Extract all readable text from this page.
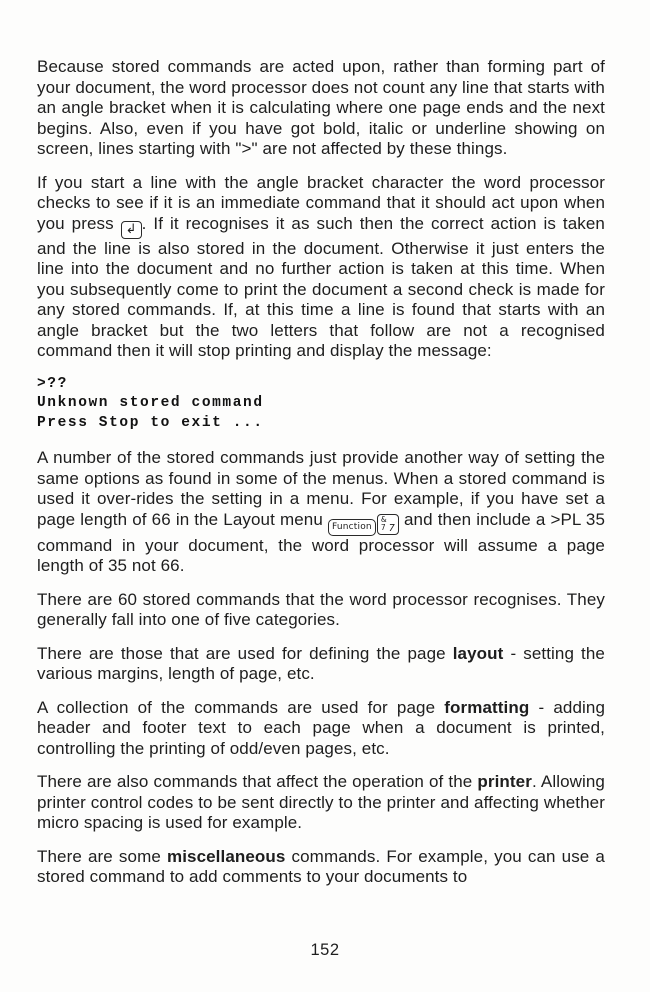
Because stored commands are acted upon, rather than forming part of your document, the word processor does not count any line that starts with an angle bracket when it is calculating where one page ends and the next begins. Also, even if you have got bold, italic or underline showing on screen, lines starting with ">" are not affected by these things.

If you start a line with the angle bracket character the word processor checks to see if it is an immediate command that it should act upon when you press ↲ . If it recognises it as such then the correct action is taken and the line is also stored in the document. Otherwise it just enters the line into the document and no further action is taken at this time. When you subsequently come to print the document a second check is made for any stored commands. If, at this time a line is found that starts with an angle bracket but the two letters that follow are not a recognised command then it will stop printing and display the message:

>??
Unknown stored command
Press Stop to exit ...

A number of the stored commands just provide another way of setting the same options as found in some of the menus. When a stored command is used it over-rides the setting in a menu. For example, if you have set a page length of 66 in the Layout menu Function
&
7 7 and then include a >PL 35 command in your document, the word processor will assume a page length of 35 not 66.

There are 60 stored commands that the word processor recognises. They generally fall into one of five categories.

There are those that are used for defining the page layout - setting the various margins, length of page, etc.

A collection of the commands are used for page formatting - adding header and footer text to each page when a document is printed, controlling the printing of odd/even pages, etc.

There are also commands that affect the operation of the printer. Allowing printer control codes to be sent directly to the printer and affecting whether micro spacing is used for example.

There are some miscellaneous commands. For example, you can use a stored command to add comments to your documents to

152
